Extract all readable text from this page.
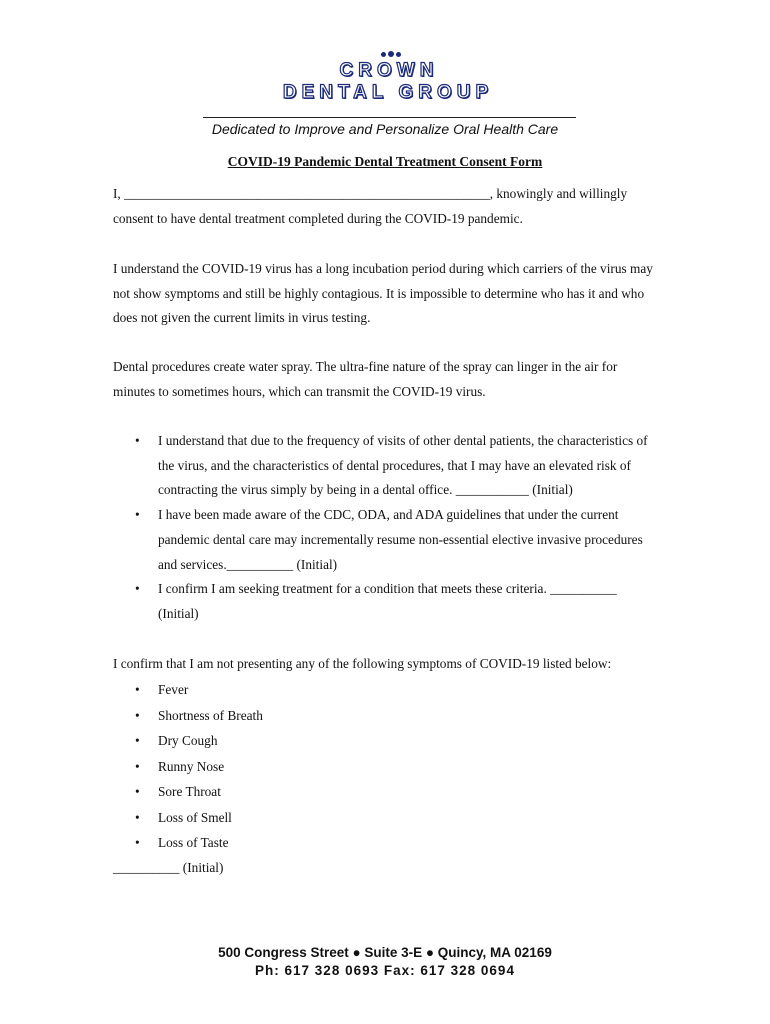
CROWN
DENTAL GROUP
Dedicated to Improve and Personalize Oral Health Care
COVID-19 Pandemic Dental Treatment Consent Form
I, _______________________________________________________, knowingly and willingly consent to have dental treatment completed during the COVID-19 pandemic.
I understand the COVID-19 virus has a long incubation period during which carriers of the virus may not show symptoms and still be highly contagious. It is impossible to determine who has it and who does not given the current limits in virus testing.
Dental procedures create water spray. The ultra-fine nature of the spray can linger in the air for minutes to sometimes hours, which can transmit the COVID-19 virus.
• I understand that due to the frequency of visits of other dental patients, the characteristics of the virus, and the characteristics of dental procedures, that I may have an elevated risk of contracting the virus simply by being in a dental office. ___________ (Initial)
• I have been made aware of the CDC, ODA, and ADA guidelines that under the current pandemic dental care may incrementally resume non-essential elective invasive procedures and services.__________ (Initial)
• I confirm I am seeking treatment for a condition that meets these criteria. __________ (Initial)
I confirm that I am not presenting any of the following symptoms of COVID-19 listed below:
• Fever
• Shortness of Breath
• Dry Cough
• Runny Nose
• Sore Throat
• Loss of Smell
• Loss of Taste
__________ (Initial)
500 Congress Street ● Suite 3-E ● Quincy, MA 02169
Ph: 617 328 0693 Fax: 617 328 0694
